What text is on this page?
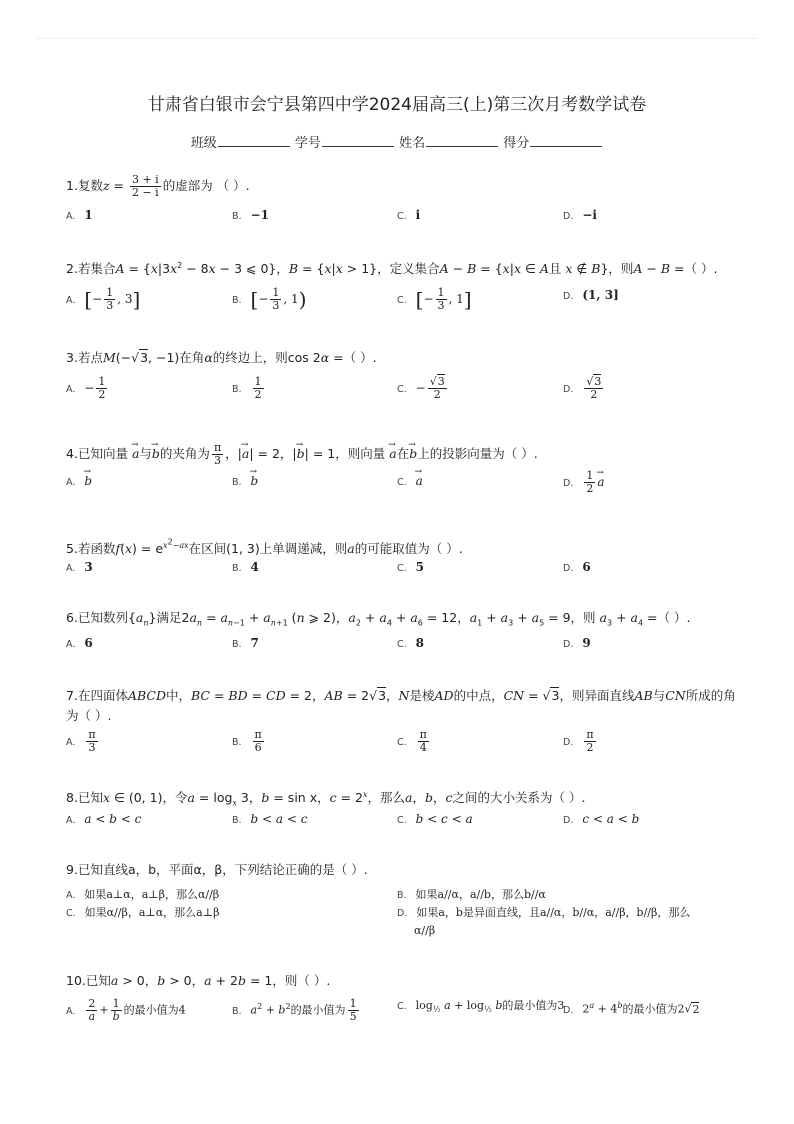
甘肃省白银市会宁县第四中学2024届高三(上)第三次月考数学试卷
班级	学号	姓名	得分
1.复数$z = \frac{3 + i}{2 - i}$ 的虚部为 （ ）.
A. 1	B. −1	C. i	D. −i
2.若集合$A = \{x|3x^2 - 8x - 3$ ⩽ 0}，B = {x|x > 1}，定义集合A − B = {x|x ∈ A且 x ∉ B}，则A − B =（ ）.
A. [− $\frac{1}{3}$ , 3]	B. [− $\frac{1}{3}$ , 1)	C. [− $\frac{1}{3}$ , 1]	D. (1, 3]
3.若点M(−√3, −1)在角α的终边上，则cos 2α =（ ）.
A. − $\frac{1}{2}$	B. $\frac{1}{2}$	C. − $\frac{√3}{2}$	D. $\frac{√3}{2}$
4.已知向量 → a与→ b的夹角为 $\frac{\pi}{3}$ ，|→ a| = 2，|→ b| = 1，则向量 → a在→ b上的投影向量为（ ）.
A.→ b	B.→ b	C.→ a	D. $\frac{1}{2}$
→ a
5.若函数$f(x) = e^{x^2-ax}$在区间(1, 3)上单调递减，则a的可能取值为（ ）.
A. 3	B. 4	C. 5	D. 6
6.已知数列$\{a_n\}$满足$2a_n = a_{n-1} + a_{n+1}$ (n ⩾ 2)，$a_2 + a_4 + a_6 = 12$，$a_1 + a_3 + a_5 = 9$，则 $a_3 + a_4$ =（ ）.
A. 6	B. 7	C. 8	D. 9
7.在四面体ABCD中，BC = BD = CD = 2，AB = 2√3，N是棱AD的中点，CN = √3，则异面直线AB与CN所成的角为（ ）.
A. $\frac{\pi}{3}$	B. $\frac{\pi}{6}$	C. $\frac{\pi}{4}$	D. $\frac{\pi}{2}$
8.已知x ∈ (0, 1)，令$a = \log_x 3$，b = sin x，$c = 2^x$，那么a，b，c之间的大小关系为（ ）.
A. a < b < c	B. b < a < c	C. b < c < a	D. c < a < b
9.已知直线a，b，平面α，β，下列结论正确的是（ ）.
A. 如果a⊥α，a⊥β，那么α//β	B. 如果a//α，a//b，那么b//α
C. 如果α//β，a⊥α，那么a⊥β	D. 如果a，b是异面直线，且a//α，b//α，a//β，b//β，那么
α//β
10.已知a > 0，b > 0，a + 2b = 1，则（ ）.
A. $\frac{2}{a} + \frac{1}{b}$ 的最小值为4	B. $a^2 + b^2$的最小值为 $\frac{1}{5}$	C. $\log_{\frac{1}{2}} a + \log_{\frac{1}{2}} b$的最小值为3
D. $2^a + 4^b$的最小值为2√2
